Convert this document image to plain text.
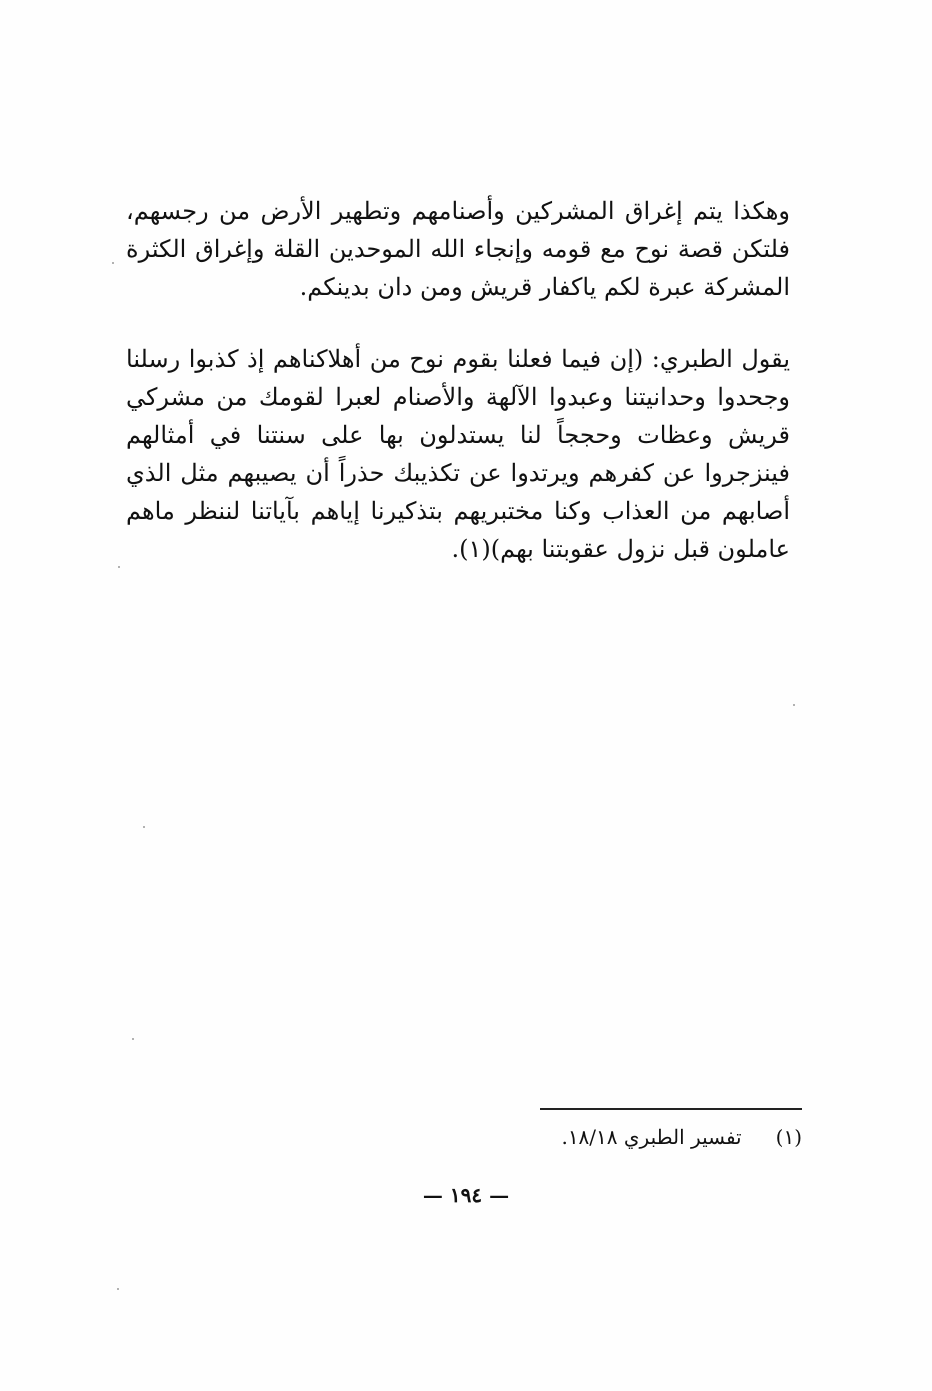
وهكذا يتم إغراق المشركين وأصنامهم وتطهير الأرض من رجسهم، فلتكن قصة نوح مع قومه وإنجاء الله الموحدين القلة وإغراق الكثرة المشركة عبرة لكم ياكفار قريش ومن دان بدينكم.

يقول الطبري: (إن فيما فعلنا بقوم نوح من أهلاكناهم إذ كذبوا رسلنا وجحدوا وحدانيتنا وعبدوا الآلهة والأصنام لعبرا لقومك من مشركي قريش وعظات وحججاً لنا يستدلون بها على سنتنا في أمثالهم فينزجروا عن كفرهم ويرتدوا عن تكذيبك حذراً أن يصيبهم مثل الذي أصابهم من العذاب وكنا مختبريهم بتذكيرنا إياهم بآياتنا لننظر ماهم عاملون قبل نزول عقوبتنا بهم)(١).

(١)تفسير الطبري ١٨/١٨.
— ١٩٤ —
